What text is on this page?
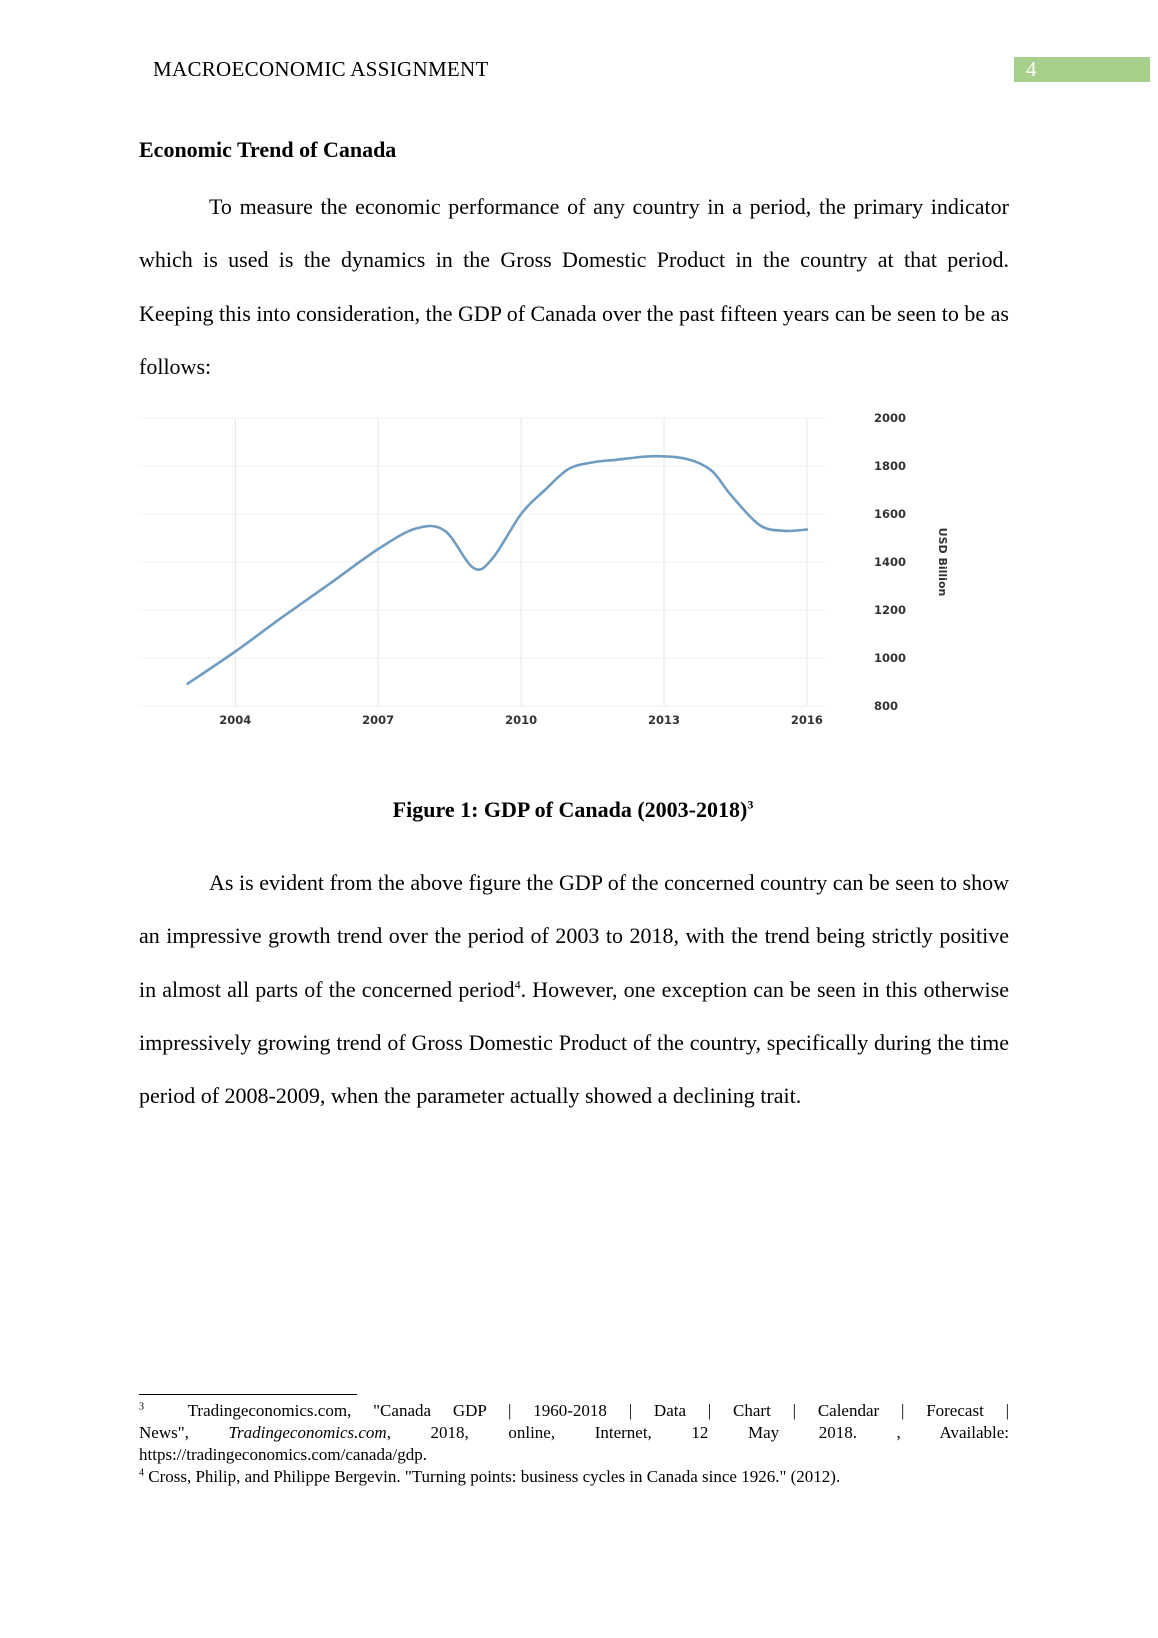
MACROECONOMIC ASSIGNMENT	4
Economic Trend of Canada

To measure the economic performance of any country in a period, the primary indicator which is used is the dynamics in the Gross Domestic Product in the country at that period. Keeping this into consideration, the GDP of Canada over the past fifteen years can be seen to be as follows:

2000
1800
1600
1400
1200
1000
800
2004	2007	2010	2013	2016
USD Billion
Figure 1: GDP of Canada (2003-2018)$^3$

As is evident from the above figure the GDP of the concerned country can be seen to show an impressive growth trend over the period of 2003 to 2018, with the trend being strictly positive in almost all parts of the concerned period$^4$. However, one exception can be seen in this otherwise impressively growing trend of Gross Domestic Product of the country, specifically during the time period of 2008-2009, when the parameter actually showed a declining trait.

$^3$	Tradingeconomics.com, "Canada GDP | 1960-2018 | Data | Chart | Calendar | Forecast |

News", Tradingeconomics.com, 2018, online, Internet, 12 May 2018. , Available:

https://tradingeconomics.com/canada/gdp.

$^4$ Cross, Philip, and Philippe Bergevin. "Turning points: business cycles in Canada since 1926." (2012).
